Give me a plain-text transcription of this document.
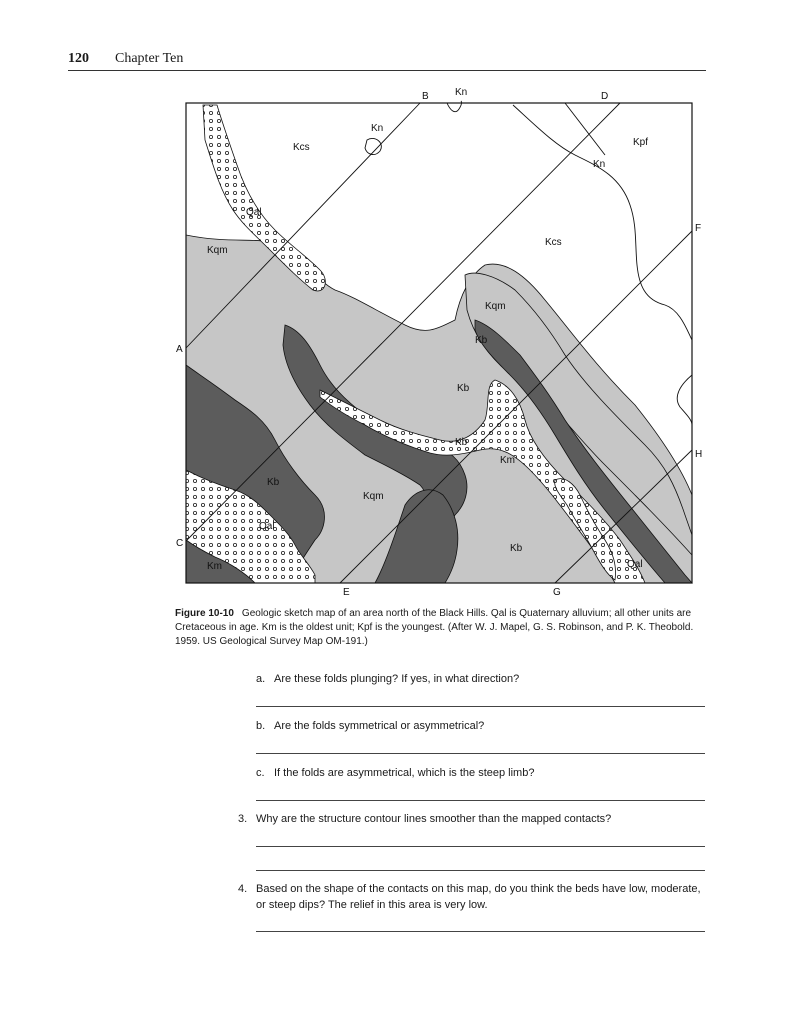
120 Chapter Ten
B	D
F
H
A
C
E	G
Kn
Kn
Kn
Kcs
Kcs
Kpf
Kqm
Kqm
Kqm
Kb
Kb
Kb
Kb
Kb
Km
Km
Qal
Qal
Qal
Figure 10-10 Geologic sketch map of an area north of the Black Hills. Qal is Quaternary alluvium; all other units are Cretaceous in age. Km is the oldest unit; Kpf is the youngest. (After W. J. Mapel, G. S. Robinson, and P. K. Theobold. 1959. US Geological Survey Map OM-191.)
a. Are these folds plunging? If yes, in what direction?
b. Are the folds symmetrical or asymmetrical?
c. If the folds are asymmetrical, which is the steep limb?
3. Why are the structure contour lines smoother than the mapped contacts?
4. Based on the shape of the contacts on this map, do you think the beds have low, moderate, or steep dips? The relief in this area is very low.
